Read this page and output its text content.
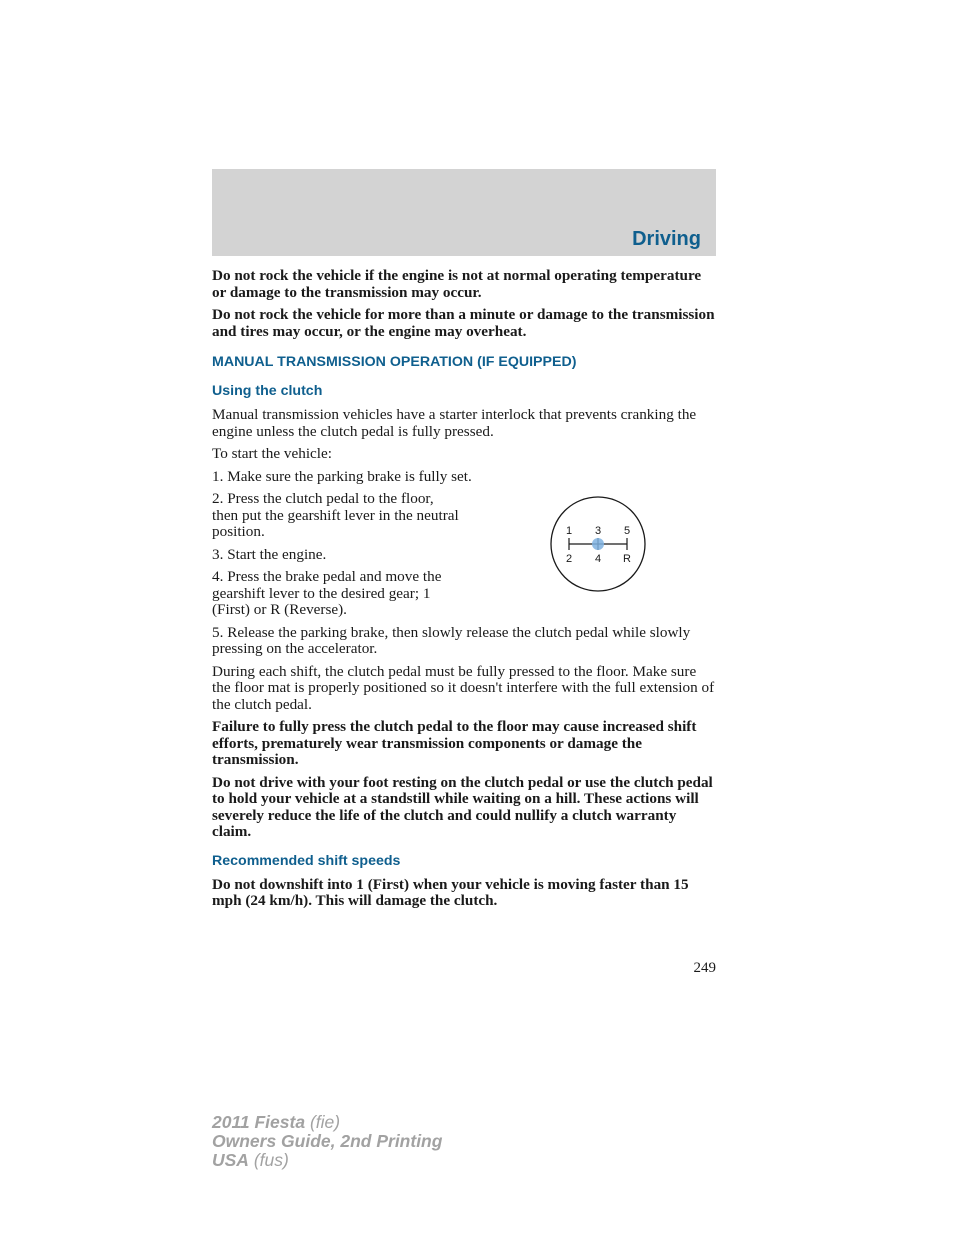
Driving

Do not rock the vehicle if the engine is not at normal operating temperature or damage to the transmission may occur.

Do not rock the vehicle for more than a minute or damage to the transmission and tires may occur, or the engine may overheat.

MANUAL TRANSMISSION OPERATION (IF EQUIPPED)
Using the clutch

Manual transmission vehicles have a starter interlock that prevents cranking the engine unless the clutch pedal is fully pressed.

To start the vehicle:

1. Make sure the parking brake is fully set.

2. Press the clutch pedal to the floor, then put the gearshift lever in the neutral position.

3. Start the engine.

4. Press the brake pedal and move the gearshift lever to the desired gear; 1 (First) or R (Reverse).

5. Release the parking brake, then slowly release the clutch pedal while slowly pressing on the accelerator.

During each shift, the clutch pedal must be fully pressed to the floor. Make sure the floor mat is properly positioned so it doesn't interfere with the full extension of the clutch pedal.

Failure to fully press the clutch pedal to the floor may cause increased shift efforts, prematurely wear transmission components or damage the transmission.

Do not drive with your foot resting on the clutch pedal or use the clutch pedal to hold your vehicle at a standstill while waiting on a hill. These actions will severely reduce the life of the clutch and could nullify a clutch warranty claim.

Recommended shift speeds

Do not downshift into 1 (First) when your vehicle is moving faster than 15 mph (24 km/h). This will damage the clutch.

1 3 5
2 4 R
249
2011 Fiesta (fie)
Owners Guide, 2nd Printing
USA (fus)
